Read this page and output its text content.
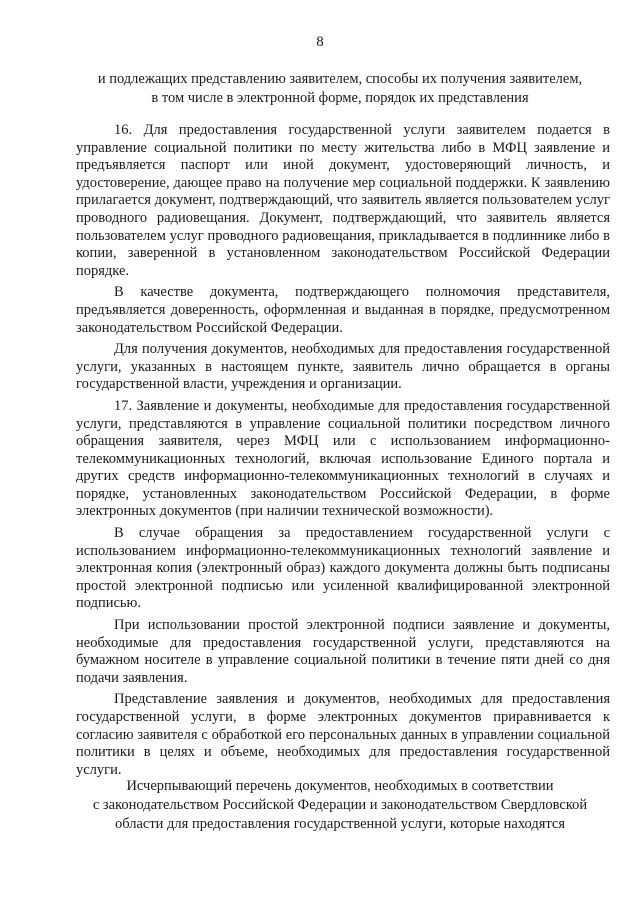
8
и подлежащих представлению заявителем, способы их получения заявителем,
в том числе в электронной форме, порядок их представления

16. Для предоставления государственной услуги заявителем подается в управление социальной политики по месту жительства либо в МФЦ заявление и предъявляется паспорт или иной документ, удостоверяющий личность, и удостоверение, дающее право на получение мер социальной поддержки. К заявлению прилагается документ, подтверждающий, что заявитель является пользователем услуг проводного радиовещания. Документ, подтверждающий, что заявитель является пользователем услуг проводного радиовещания, прикладывается в подлиннике либо в копии, заверенной в установленном законодательством Российской Федерации порядке.

В качестве документа, подтверждающего полномочия представителя, предъявляется доверенность, оформленная и выданная в порядке, предусмотренном законодательством Российской Федерации.

Для получения документов, необходимых для предоставления государственной услуги, указанных в настоящем пункте, заявитель лично обращается в органы государственной власти, учреждения и организации.

17. Заявление и документы, необходимые для предоставления государственной услуги, представляются в управление социальной политики посредством личного обращения заявителя, через МФЦ или с использованием информационно-телекоммуникационных технологий, включая использование Единого портала и других средств информационно-телекоммуникационных технологий в случаях и порядке, установленных законодательством Российской Федерации, в форме электронных документов (при наличии технической возможности).

В случае обращения за предоставлением государственной услуги с использованием информационно-телекоммуникационных технологий заявление и электронная копия (электронный образ) каждого документа должны быть подписаны простой электронной подписью или усиленной квалифицированной электронной подписью.

При использовании простой электронной подписи заявление и документы, необходимые для предоставления государственной услуги, представляются на бумажном носителе в управление социальной политики в течение пяти дней со дня подачи заявления.

Представление заявления и документов, необходимых для предоставления государственной услуги, в форме электронных документов приравнивается к согласию заявителя с обработкой его персональных данных в управлении социальной политики в целях и объеме, необходимых для предоставления государственной услуги.

Исчерпывающий перечень документов, необходимых в соответствии
с законодательством Российской Федерации и законодательством Свердловской
области для предоставления государственной услуги, которые находятся
